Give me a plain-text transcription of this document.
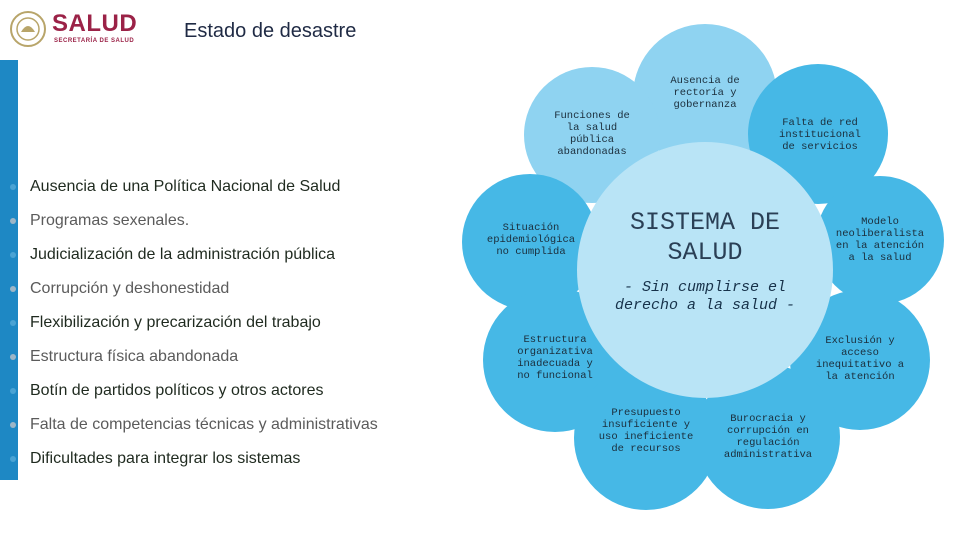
SALUD
SECRETARÍA DE SALUD Estado de desastre
Ausencia de rectoría y gobernanza
Falta de red institucional de servicios
Modelo neoliberalista en la atención a la salud
Exclusión y acceso inequitativo a la atención
Burocracia y corrupción en regulación administrativa
Presupuesto insuficiente y uso ineficiente de recursos
Estructura organizativa inadecuada y no funcional
Situación epidemiológica no cumplida
Funciones de la salud pública abandonadas
SISTEMA DE SALUD
- Sin cumplirse el derecho a la salud -
Ausencia de una Política Nacional de Salud
Programas sexenales.
Judicialización de la administración pública
Corrupción y deshonestidad
Flexibilización y precarización del trabajo
Estructura física abandonada
Botín de partidos políticos y otros actores
Falta de competencias técnicas y administrativas
Dificultades para integrar los sistemas
